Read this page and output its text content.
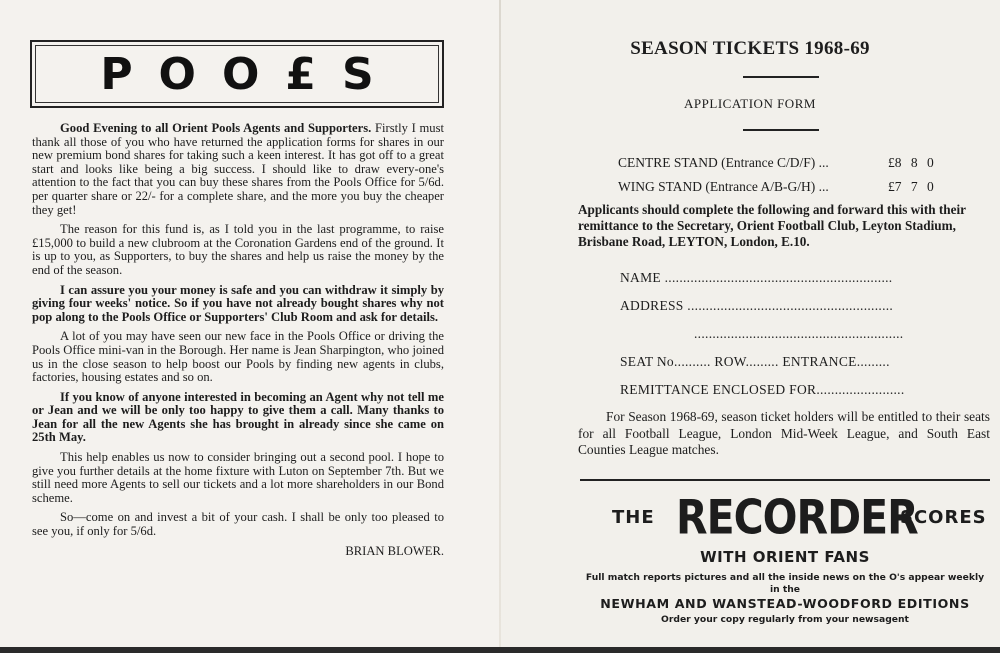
POO£S

Good Evening to all Orient Pools Agents and Supporters. Firstly I must thank all those of you who have returned the application forms for shares in our new premium bond shares for taking such a keen interest. It has got off to a great start and looks like being a big success. I should like to draw every-one's attention to the fact that you can buy these shares from the Pools Office for 5/6d. per quarter share or 22/- for a complete share, and the more you buy the cheaper they get!

The reason for this fund is, as I told you in the last programme, to raise £15,000 to build a new clubroom at the Coronation Gardens end of the ground. It is up to you, as Supporters, to buy the shares and help us raise the money by the end of the season.

I can assure you your money is safe and you can withdraw it simply by giving four weeks' notice. So if you have not already bought shares why not pop along to the Pools Office or Supporters' Club Room and ask for details.

A lot of you may have seen our new face in the Pools Office or driving the Pools Office mini-van in the Borough. Her name is Jean Sharpington, who joined us in the close season to help boost our Pools by finding new agents in clubs, factories, housing estates and so on.

If you know of anyone interested in becoming an Agent why not tell me or Jean and we will be only too happy to give them a call. Many thanks to Jean for all the new Agents she has brought in already since she came on 25th May.

This help enables us now to consider bringing out a second pool. I hope to give you further details at the home fixture with Luton on September 7th. But we still need more Agents to sell our tickets and a lot more shareholders in our Bond scheme.

So—come on and invest a bit of your cash. I shall be only too pleased to see you, if only for 5/6d.

BRIAN BLOWER.

SEASON TICKETS 1968-69
APPLICATION FORM
CENTRE STAND (Entrance C/D/F) ...	£8 8 0
WING STAND (Entrance A/B-G/H) ...	£7 7 0
Applicants should complete the following and forward this with their remittance to the Secretary, Orient Football Club, Leyton Stadium, Brisbane Road, LEYTON, London, E.10.
NAME ..............................................................
ADDRESS ........................................................
.........................................................
SEAT No.......... ROW......... ENTRANCE.........
REMITTANCE ENCLOSED FOR........................
For Season 1968-69, season ticket holders will be entitled to their seats for all Football League, London Mid-Week League, and South East Counties League matches.
THE RECORDER
SCORES
WITH ORIENT FANS
Full match reports pictures and all the inside news on the O's appear weekly
in the
NEWHAM AND WANSTEAD-WOODFORD EDITIONS
Order your copy regularly from your newsagent
